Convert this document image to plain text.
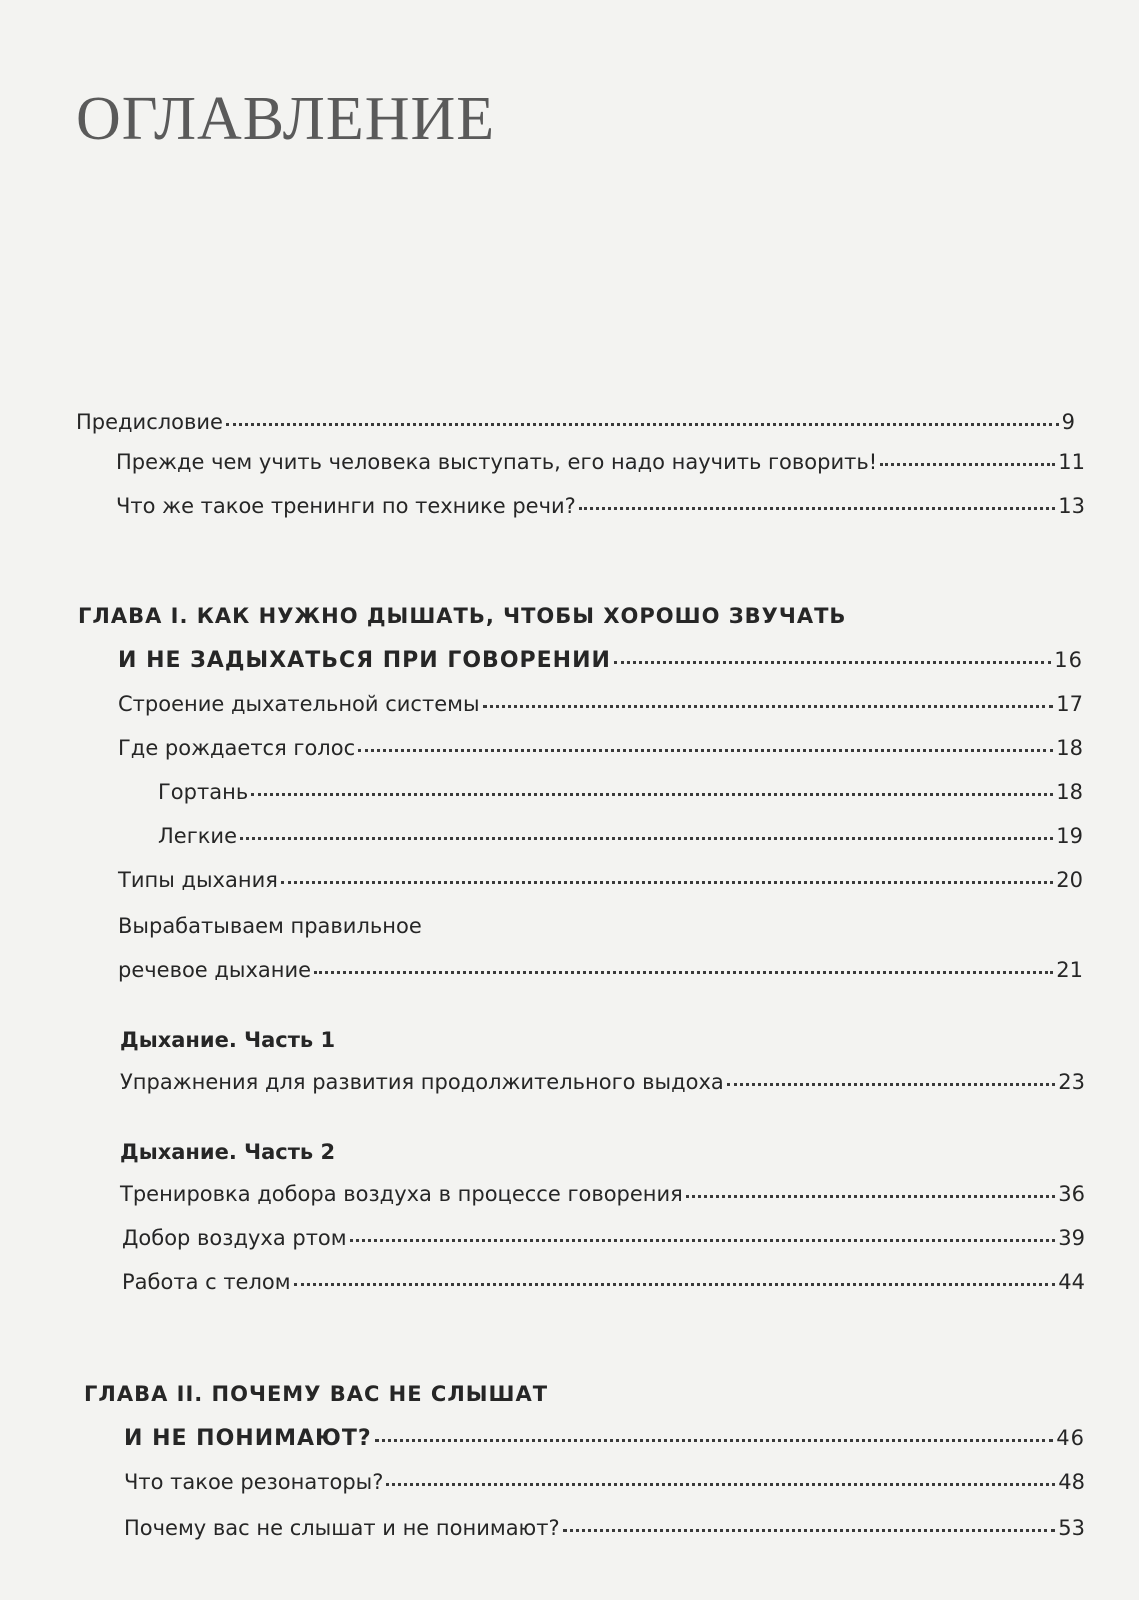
ОГЛАВЛЕНИЕ
Предисловие	9
Прежде чем учить человека выступать, его надо научить говорить!	11
Что же такое тренинги по технике речи?	13
ГЛАВА I. КАК НУЖНО ДЫШАТЬ, ЧТОБЫ ХОРОШО ЗВУЧАТЬ
И НЕ ЗАДЫХАТЬСЯ ПРИ ГОВОРЕНИИ	16
Строение дыхательной системы	17
Где рождается голос	18
Гортань	18
Легкие	19
Типы дыхания	20
Вырабатываем правильное
речевое дыхание	21
Дыхание. Часть 1
Упражнения для развития продолжительного выдоха	23
Дыхание. Часть 2
Тренировка добора воздуха в процессе говорения	36
Добор воздуха ртом	39
Работа с телом	44
ГЛАВА II. ПОЧЕМУ ВАС НЕ СЛЫШАТ
И НЕ ПОНИМАЮТ?	46
Что такое резонаторы?	48
Почему вас не слышат и не понимают?	53
